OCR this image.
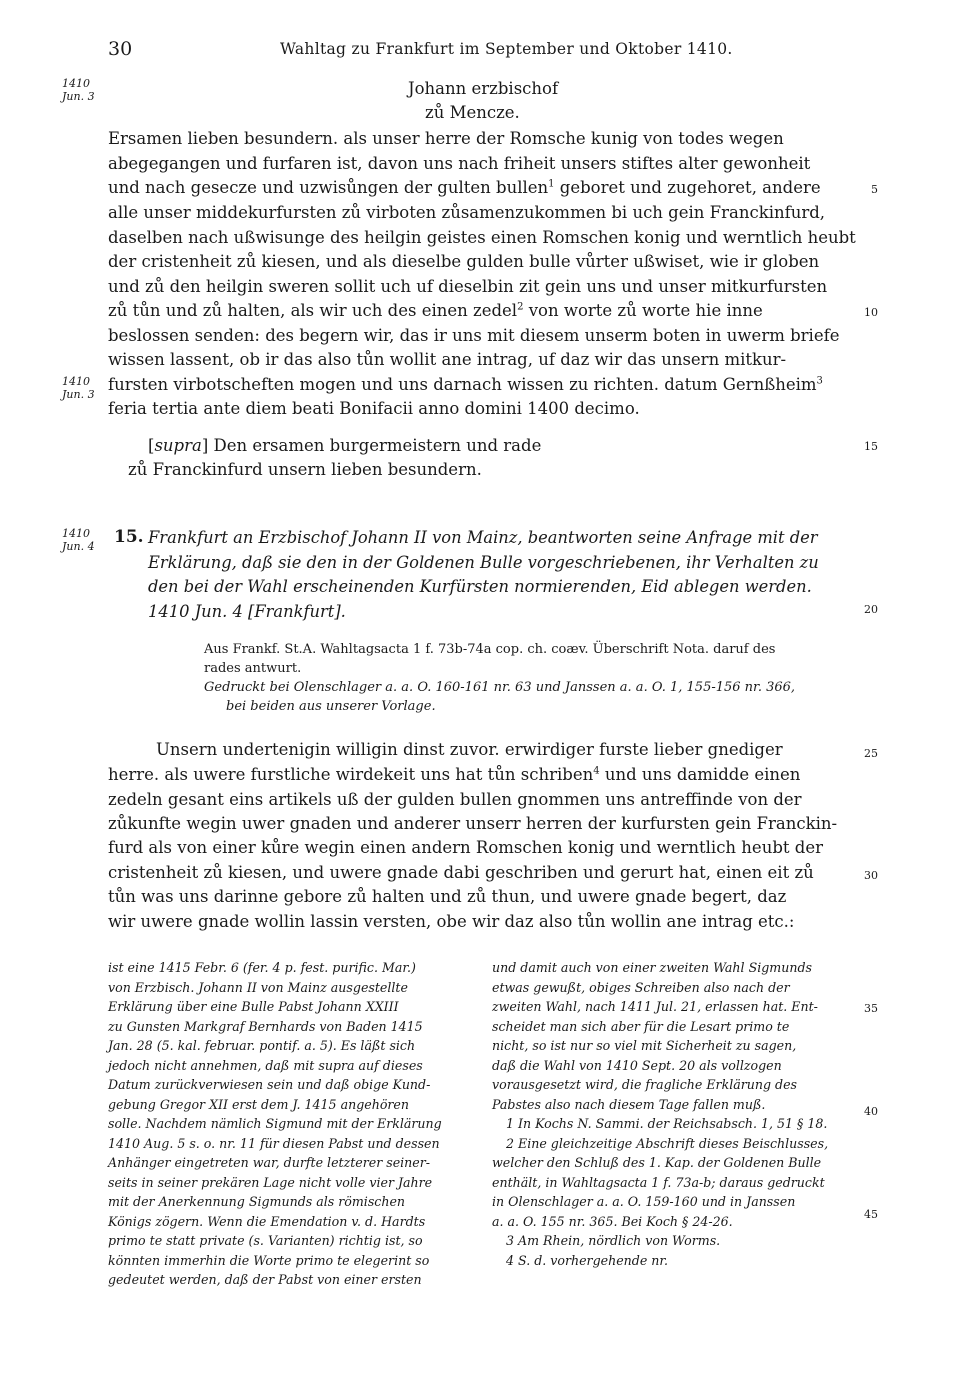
30	Wahltag zu Frankfurt im September und Oktober 1410.
1410
Jun. 3
1410
Jun. 3
1410
Jun. 4
Johann erzbischof
zů Mencze.
Ersamen lieben besundern. als unser herre der Romsche kunig von todes wegen
abegegangen und furfaren ist, davon uns nach friheit unsers stiftes alter gewonheit
und nach gesecze und uzwisůngen der gulten bullen$^1$ geboret und zugehoret, andere
alle unser middekurfursten zů virboten zůsamenzukommen bi uch gein Franckinfurd,
daselben nach ußwisunge des heilgin geistes einen Romschen konig und werntlich heubt
der cristenheit zů kiesen, und als dieselbe gulden bulle vůrter ußwiset, wie ir globen
und zů den heilgin sweren sollit uch uf dieselbin zit gein uns und unser mitkurfursten
zů tůn und zů halten, als wir uch des einen zedel$^2$ von worte zů worte hie inne
beslossen senden: des begern wir, das ir uns mit diesem unserm boten in uwerm briefe
wissen lassent, ob ir das also tůn wollit ane intrag, uf daz wir das unsern mitkur-
fursten virbotscheften mogen und uns darnach wissen zu richten. datum Gernßheim$^3$
feria tertia ante diem beati Bonifacii anno domini 1400 decimo.
[supra] Den ersamen burgermeistern und rade
zů Franckinfurd unsern lieben besundern.
15. Frankfurt an Erzbischof Johann II von Mainz, beantworten seine Anfrage mit der
Erklärung, daß sie den in der Goldenen Bulle vorgeschriebenen, ihr Verhalten zu
den bei der Wahl erscheinenden Kurfürsten normierenden, Eid ablegen werden.
1410 Jun. 4 [Frankfurt].
Aus Frankf. St.A. Wahltagsacta 1 f. 73b-74a cop. ch. coæv. Überschrift Nota. daruf des
rades antwurt.
Gedruckt bei Olenschlager a. a. O. 160-161 nr. 63 und Janssen a. a. O. 1, 155-156 nr. 366,
bei beiden aus unserer Vorlage.
Unsern undertenigin willigin dinst zuvor. erwirdiger furste lieber gnediger
herre. als uwere furstliche wirdekeit uns hat tůn schriben$^4$ und uns damidde einen
zedeln gesant eins artikels uß der gulden bullen gnommen uns antreffinde von der
zůkunfte wegin uwer gnaden und anderer unserr herren der kurfursten gein Franckin-
furd als von einer kůre wegin einen andern Romschen konig und werntlich heubt der
cristenheit zů kiesen, und uwere gnade dabi geschriben und gerurt hat, einen eit zů
tůn was uns darinne gebore zů halten und zů thun, und uwere gnade begert, daz
wir uwere gnade wollin lassin versten, obe wir daz also tůn wollin ane intrag etc.:
5
10
15
20
25
30
35
40
45
ist eine 1415 Febr. 6 (fer. 4 p. fest. purific. Mar.)
von Erzbisch. Johann II von Mainz ausgestellte
Erklärung über eine Bulle Pabst Johann XXIII
zu Gunsten Markgraf Bernhards von Baden 1415
Jan. 28 (5. kal. februar. pontif. a. 5). Es läßt sich
jedoch nicht annehmen, daß mit supra auf dieses
Datum zurückverwiesen sein und daß obige Kund-
gebung Gregor XII erst dem J. 1415 angehören
solle. Nachdem nämlich Sigmund mit der Erklärung
1410 Aug. 5 s. o. nr. 11 für diesen Pabst und dessen
Anhänger eingetreten war, durfte letzterer seiner-
seits in seiner prekären Lage nicht volle vier Jahre
mit der Anerkennung Sigmunds als römischen
Königs zögern. Wenn die Emendation v. d. Hardts
primo te statt private (s. Varianten) richtig ist, so
könnten immerhin die Worte primo te elegerint so
gedeutet werden, daß der Pabst von einer ersten
und damit auch von einer zweiten Wahl Sigmunds
etwas gewußt, obiges Schreiben also nach der
zweiten Wahl, nach 1411 Jul. 21, erlassen hat. Ent-
scheidet man sich aber für die Lesart primo te
nicht, so ist nur so viel mit Sicherheit zu sagen,
daß die Wahl von 1410 Sept. 20 als vollzogen
vorausgesetzt wird, die fragliche Erklärung des
Pabstes also nach diesem Tage fallen muß.
1 In Kochs N. Sammi. der Reichsabsch. 1, 51 § 18.
2 Eine gleichzeitige Abschrift dieses Beischlusses,
welcher den Schluß des 1. Kap. der Goldenen Bulle
enthält, in Wahltagsacta 1 f. 73a-b; daraus gedruckt
in Olenschlager a. a. O. 159-160 und in Janssen
a. a. O. 155 nr. 365. Bei Koch § 24-26.
3 Am Rhein, nördlich von Worms.
4 S. d. vorhergehende nr.
